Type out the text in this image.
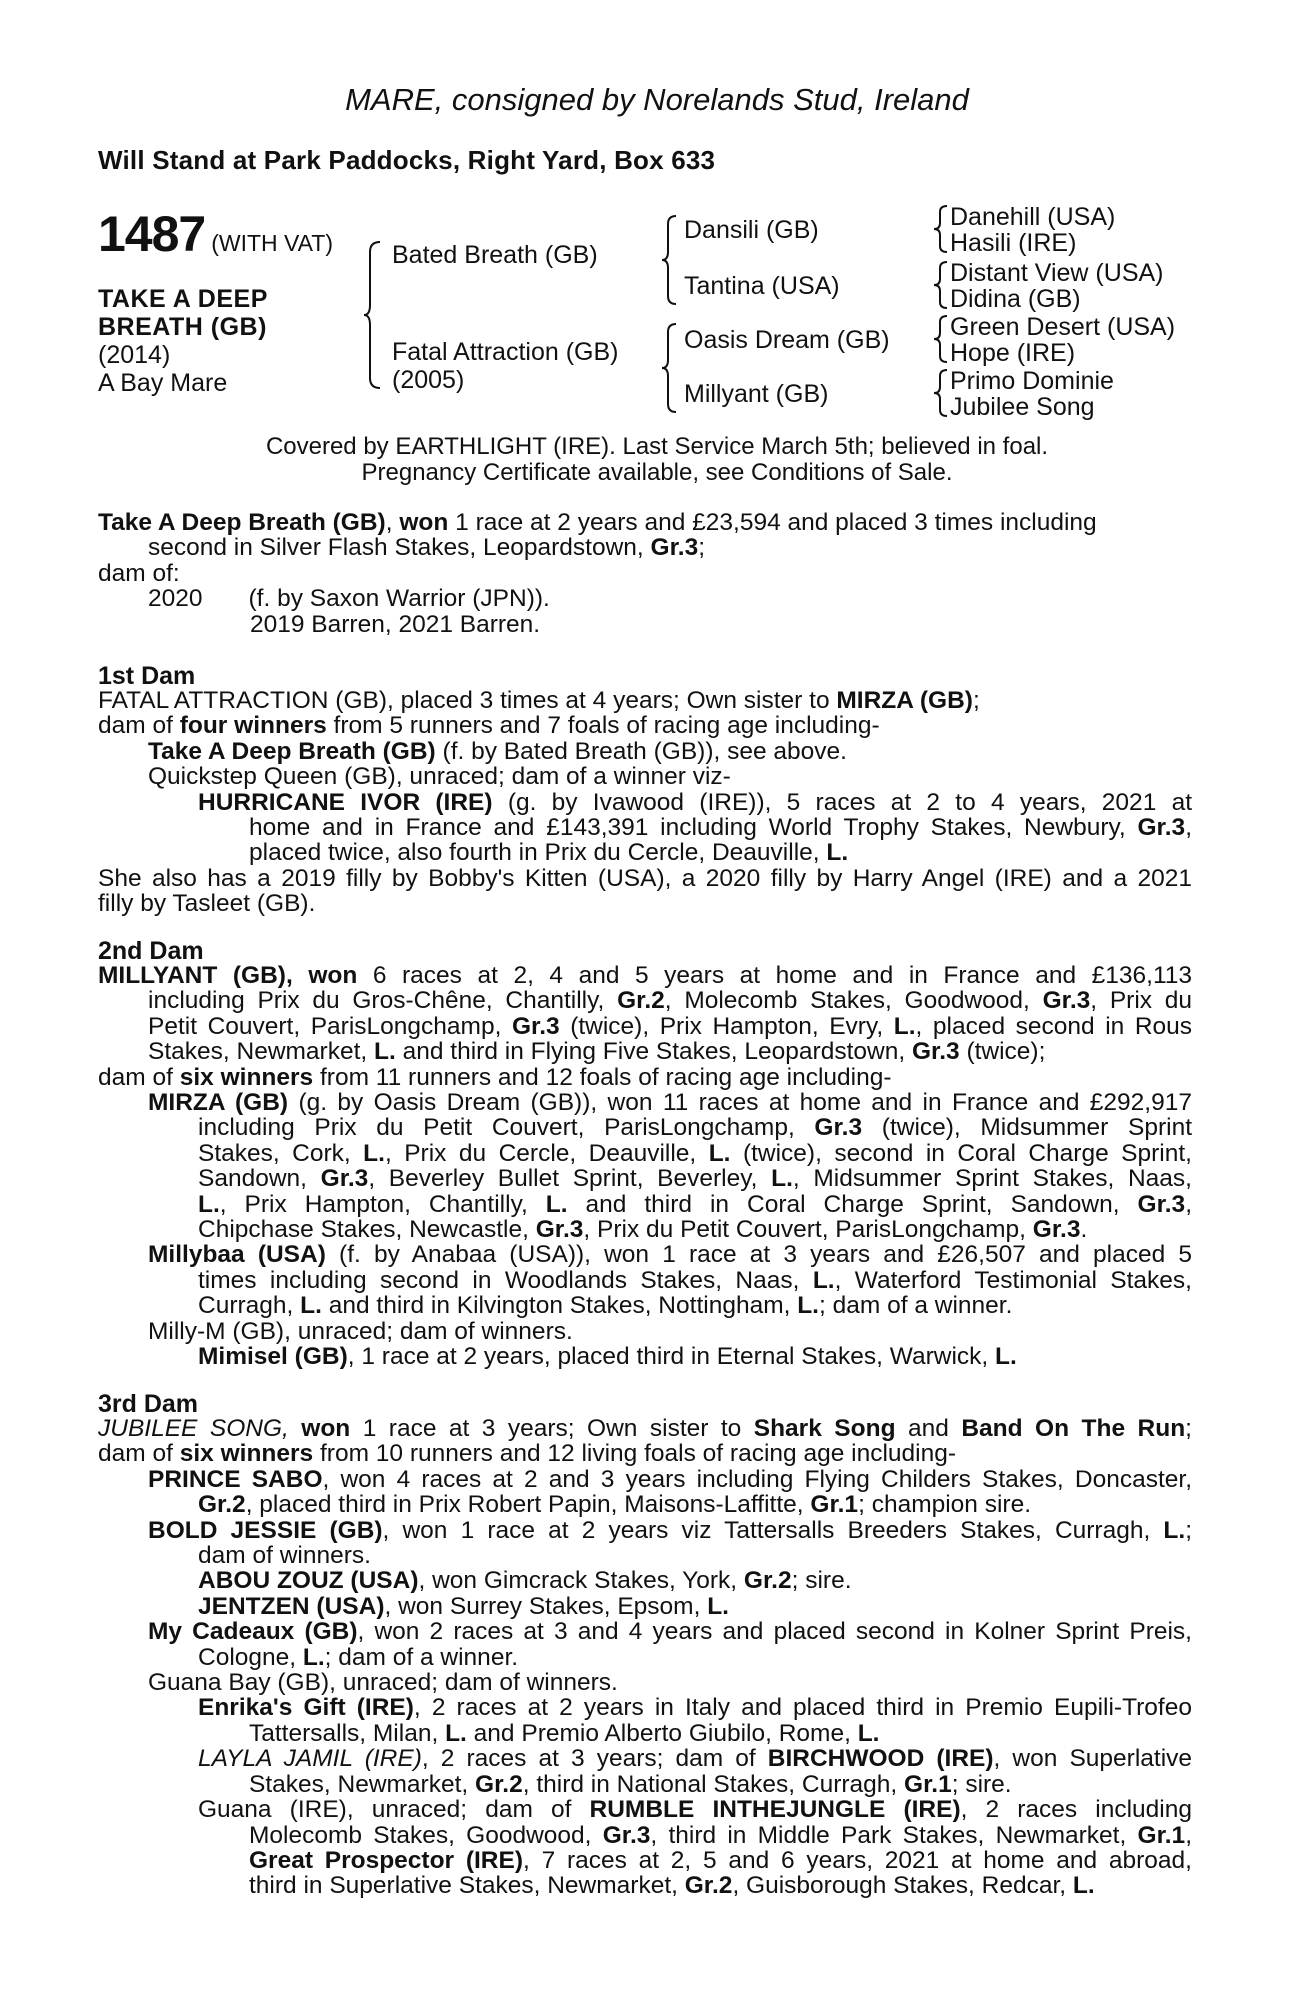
MARE, consigned by Norelands Stud, Ireland
Will Stand at Park Paddocks, Right Yard, Box 633
1487 (WITH VAT)
TAKE A DEEP
BREATH (GB)
(2014)
A Bay Mare
Bated Breath (GB)
Fatal Attraction (GB)
(2005)
Dansili (GB)
Tantina (USA)
Oasis Dream (GB)
Millyant (GB)
Danehill (USA)
Hasili (IRE)
Distant View (USA)
Didina (GB)
Green Desert (USA)
Hope (IRE)
Primo Dominie
Jubilee Song
Covered by EARTHLIGHT (IRE). Last Service March 5th; believed in foal.
Pregnancy Certificate available, see Conditions of Sale.
Take A Deep Breath (GB), won 1 race at 2 years and £23,594 and placed 3 times including
second in Silver Flash Stakes, Leopardstown, Gr.3;
dam of:
2020 (f. by Saxon Warrior (JPN)).
2019 Barren, 2021 Barren.
1st Dam
FATAL ATTRACTION (GB), placed 3 times at 4 years; Own sister to MIRZA (GB);
dam of four winners from 5 runners and 7 foals of racing age including-
Take A Deep Breath (GB) (f. by Bated Breath (GB)), see above.
Quickstep Queen (GB), unraced; dam of a winner viz-
HURRICANE IVOR (IRE) (g. by Ivawood (IRE)), 5 races at 2 to 4 years, 2021 at
home and in France and £143,391 including World Trophy Stakes, Newbury, Gr.3,
placed twice, also fourth in Prix du Cercle, Deauville, L.
She also has a 2019 filly by Bobby's Kitten (USA), a 2020 filly by Harry Angel (IRE) and a 2021
filly by Tasleet (GB).
2nd Dam
MILLYANT (GB), won 6 races at 2, 4 and 5 years at home and in France and £136,113
including Prix du Gros-Chêne, Chantilly, Gr.2, Molecomb Stakes, Goodwood, Gr.3, Prix du
Petit Couvert, ParisLongchamp, Gr.3 (twice), Prix Hampton, Evry, L., placed second in Rous
Stakes, Newmarket, L. and third in Flying Five Stakes, Leopardstown, Gr.3 (twice);
dam of six winners from 11 runners and 12 foals of racing age including-
MIRZA (GB) (g. by Oasis Dream (GB)), won 11 races at home and in France and £292,917
including Prix du Petit Couvert, ParisLongchamp, Gr.3 (twice), Midsummer Sprint
Stakes, Cork, L., Prix du Cercle, Deauville, L. (twice), second in Coral Charge Sprint,
Sandown, Gr.3, Beverley Bullet Sprint, Beverley, L., Midsummer Sprint Stakes, Naas,
L., Prix Hampton, Chantilly, L. and third in Coral Charge Sprint, Sandown, Gr.3,
Chipchase Stakes, Newcastle, Gr.3, Prix du Petit Couvert, ParisLongchamp, Gr.3.
Millybaa (USA) (f. by Anabaa (USA)), won 1 race at 3 years and £26,507 and placed 5
times including second in Woodlands Stakes, Naas, L., Waterford Testimonial Stakes,
Curragh, L. and third in Kilvington Stakes, Nottingham, L.; dam of a winner.
Milly-M (GB), unraced; dam of winners.
Mimisel (GB), 1 race at 2 years, placed third in Eternal Stakes, Warwick, L.
3rd Dam
JUBILEE SONG, won 1 race at 3 years; Own sister to Shark Song and Band On The Run;
dam of six winners from 10 runners and 12 living foals of racing age including-
PRINCE SABO, won 4 races at 2 and 3 years including Flying Childers Stakes, Doncaster,
Gr.2, placed third in Prix Robert Papin, Maisons-Laffitte, Gr.1; champion sire.
BOLD JESSIE (GB), won 1 race at 2 years viz Tattersalls Breeders Stakes, Curragh, L.;
dam of winners.
ABOU ZOUZ (USA), won Gimcrack Stakes, York, Gr.2; sire.
JENTZEN (USA), won Surrey Stakes, Epsom, L.
My Cadeaux (GB), won 2 races at 3 and 4 years and placed second in Kolner Sprint Preis,
Cologne, L.; dam of a winner.
Guana Bay (GB), unraced; dam of winners.
Enrika's Gift (IRE), 2 races at 2 years in Italy and placed third in Premio Eupili-Trofeo
Tattersalls, Milan, L. and Premio Alberto Giubilo, Rome, L.
LAYLA JAMIL (IRE), 2 races at 3 years; dam of BIRCHWOOD (IRE), won Superlative
Stakes, Newmarket, Gr.2, third in National Stakes, Curragh, Gr.1; sire.
Guana (IRE), unraced; dam of RUMBLE INTHEJUNGLE (IRE), 2 races including
Molecomb Stakes, Goodwood, Gr.3, third in Middle Park Stakes, Newmarket, Gr.1,
Great Prospector (IRE), 7 races at 2, 5 and 6 years, 2021 at home and abroad,
third in Superlative Stakes, Newmarket, Gr.2, Guisborough Stakes, Redcar, L.
